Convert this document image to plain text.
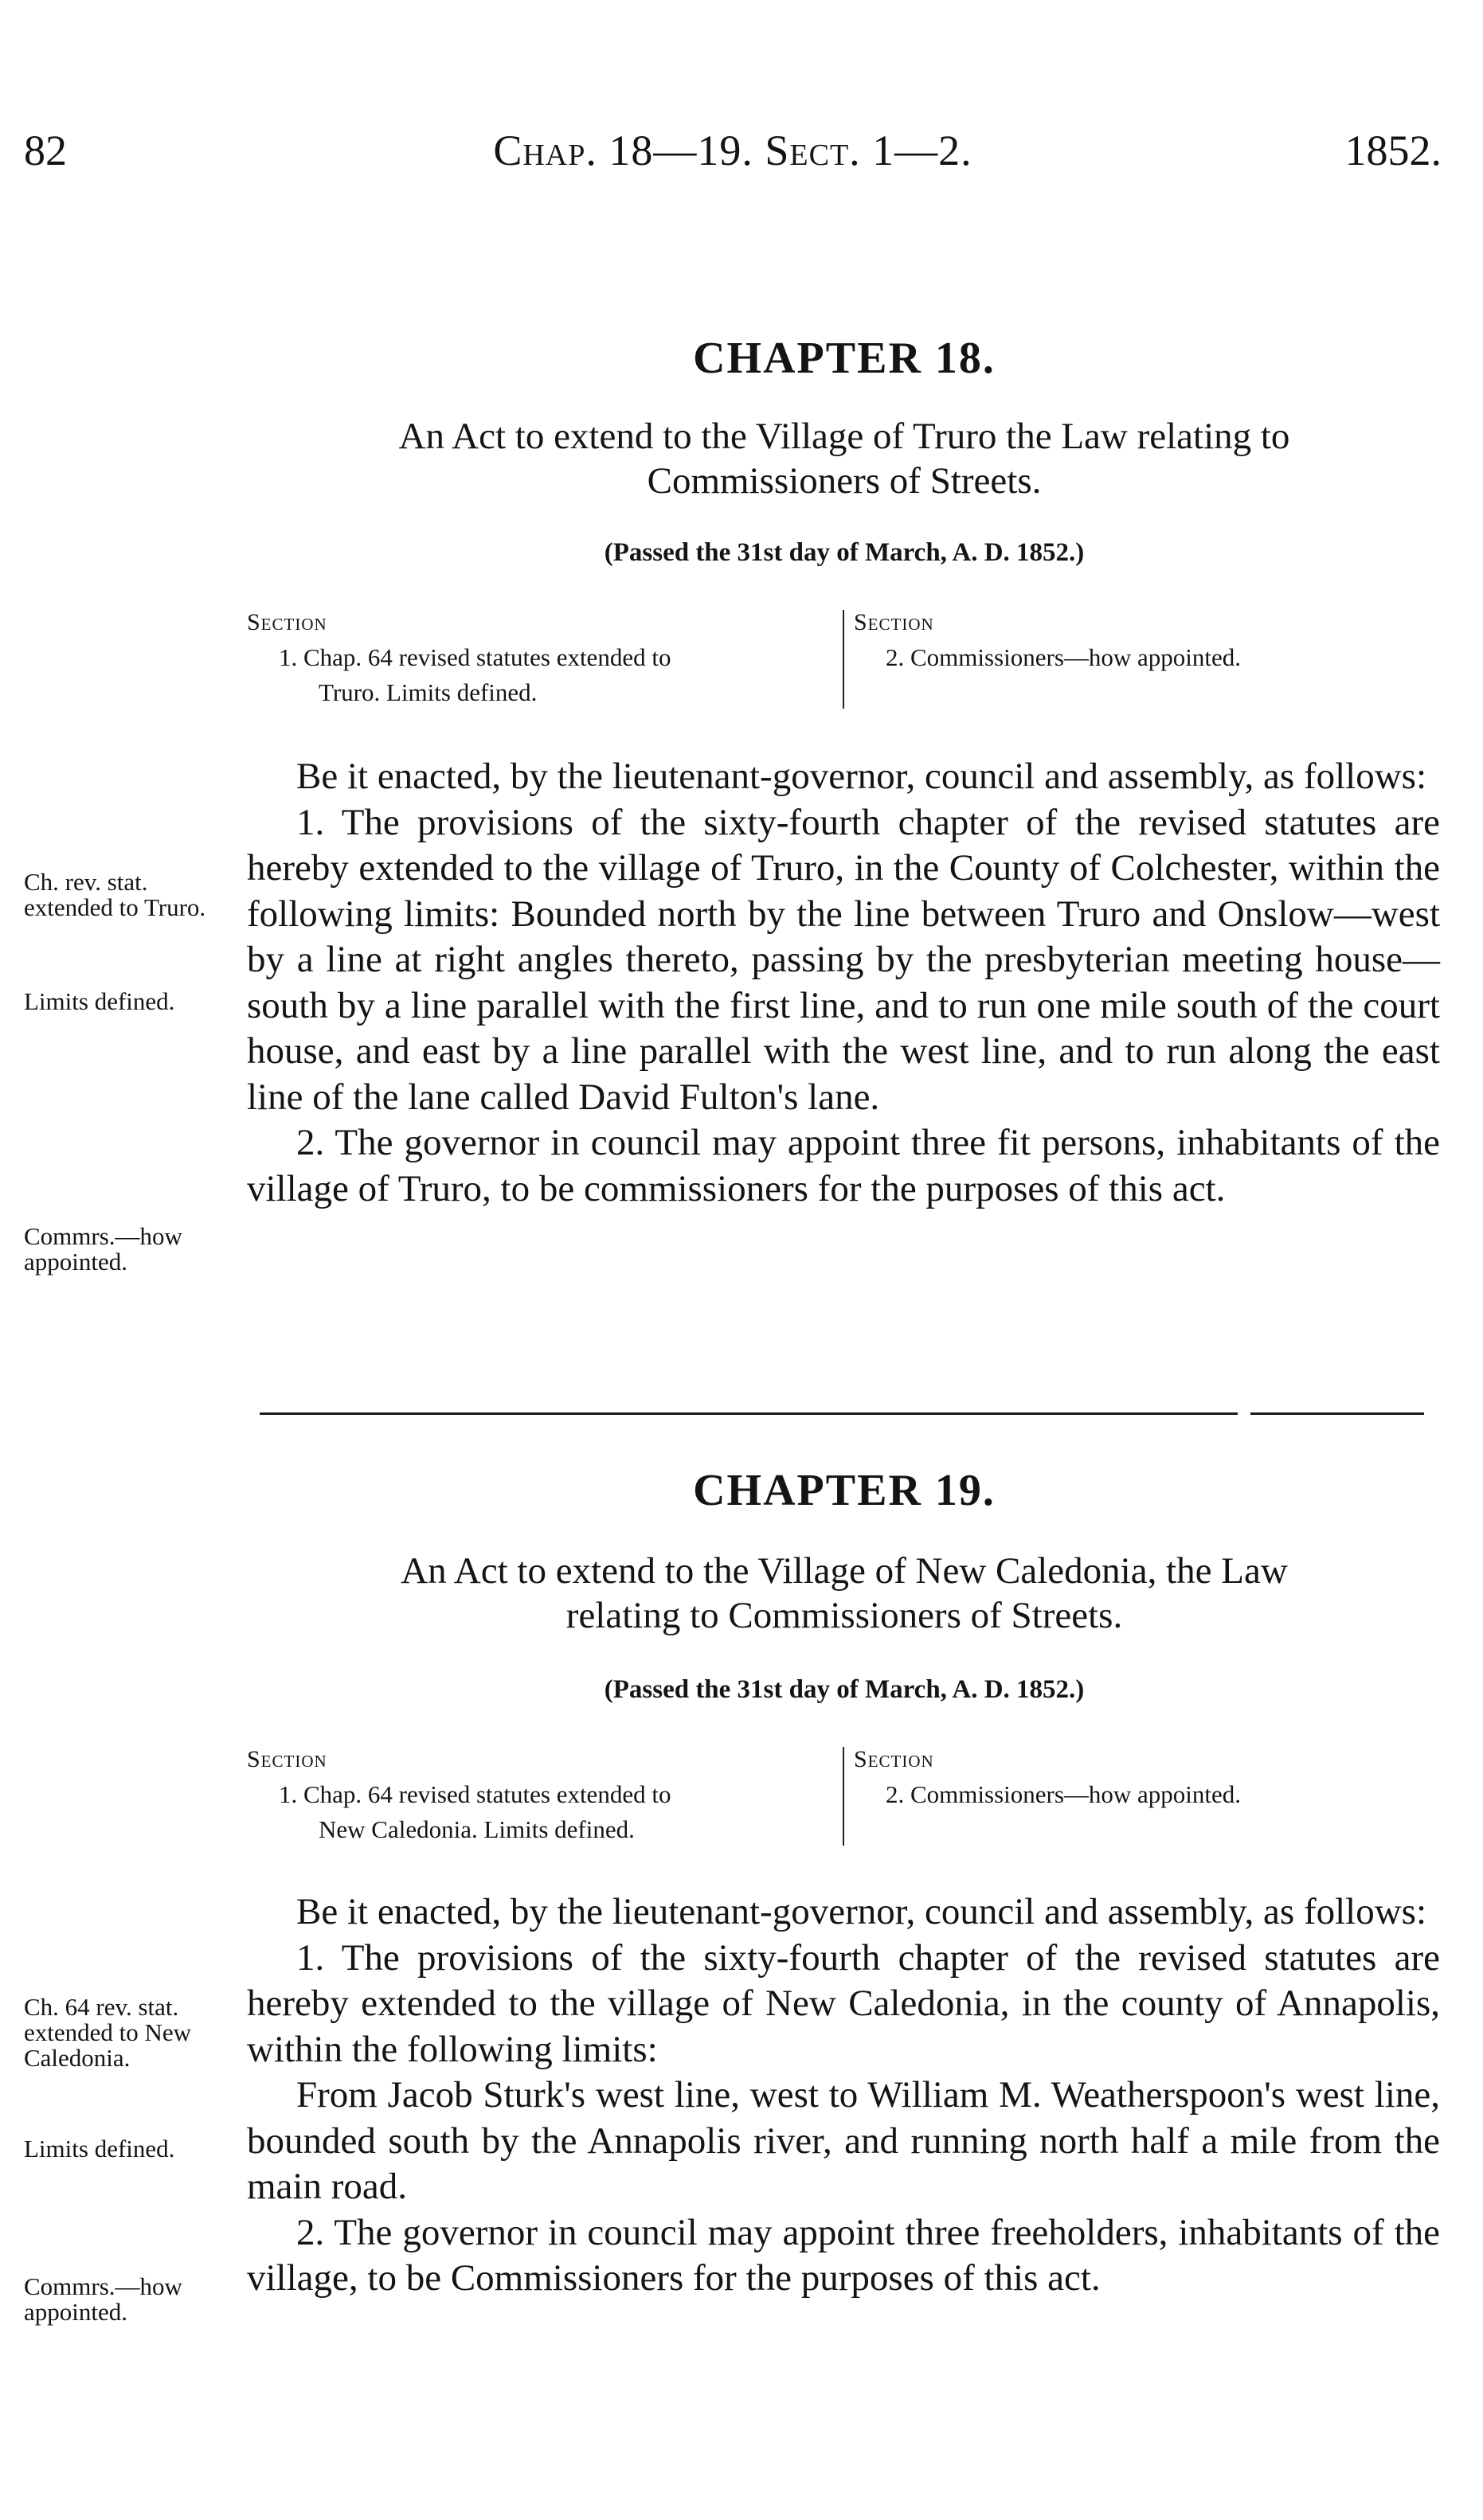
82	Chap. 18—19. Sect. 1—2.	1852.
CHAPTER 18.
An Act to extend to the Village of Truro the Law relating to
Commissioners of Streets.
(Passed the 31st day of March, A. D. 1852.)
Section
1. Chap. 64 revised statutes extended to
Truro. Limits defined.
Section
2. Commissioners—how appointed.

Be it enacted, by the lieutenant-governor, council and assembly, as follows:

1. The provisions of the sixty-fourth chapter of the revised statutes are hereby extended to the village of Truro, in the County of Colchester, within the following limits: Bounded north by the line between Truro and Onslow—west by a line at right angles thereto, passing by the presbyterian meeting house—south by a line parallel with the first line, and to run one mile south of the court house, and east by a line parallel with the west line, and to run along the east line of the lane called David Fulton's lane.

2. The governor in council may appoint three fit persons, inhabitants of the village of Truro, to be commissioners for the purposes of this act.

Ch. rev. stat. extended to Truro.
Limits defined.
Commrs.—how appointed.
CHAPTER 19.
An Act to extend to the Village of New Caledonia, the Law
relating to Commissioners of Streets.
(Passed the 31st day of March, A. D. 1852.)
Section
1. Chap. 64 revised statutes extended to
New Caledonia. Limits defined.
Section
2. Commissioners—how appointed.

Be it enacted, by the lieutenant-governor, council and assembly, as follows:

1. The provisions of the sixty-fourth chapter of the revised statutes are hereby extended to the village of New Caledonia, in the county of Annapolis, within the following limits:

From Jacob Sturk's west line, west to William M. Weatherspoon's west line, bounded south by the Annapolis river, and running north half a mile from the main road.

2. The governor in council may appoint three freeholders, inhabitants of the village, to be Commissioners for the purposes of this act.

Ch. 64 rev. stat. extended to New Caledonia.
Limits defined.
Commrs.—how appointed.
